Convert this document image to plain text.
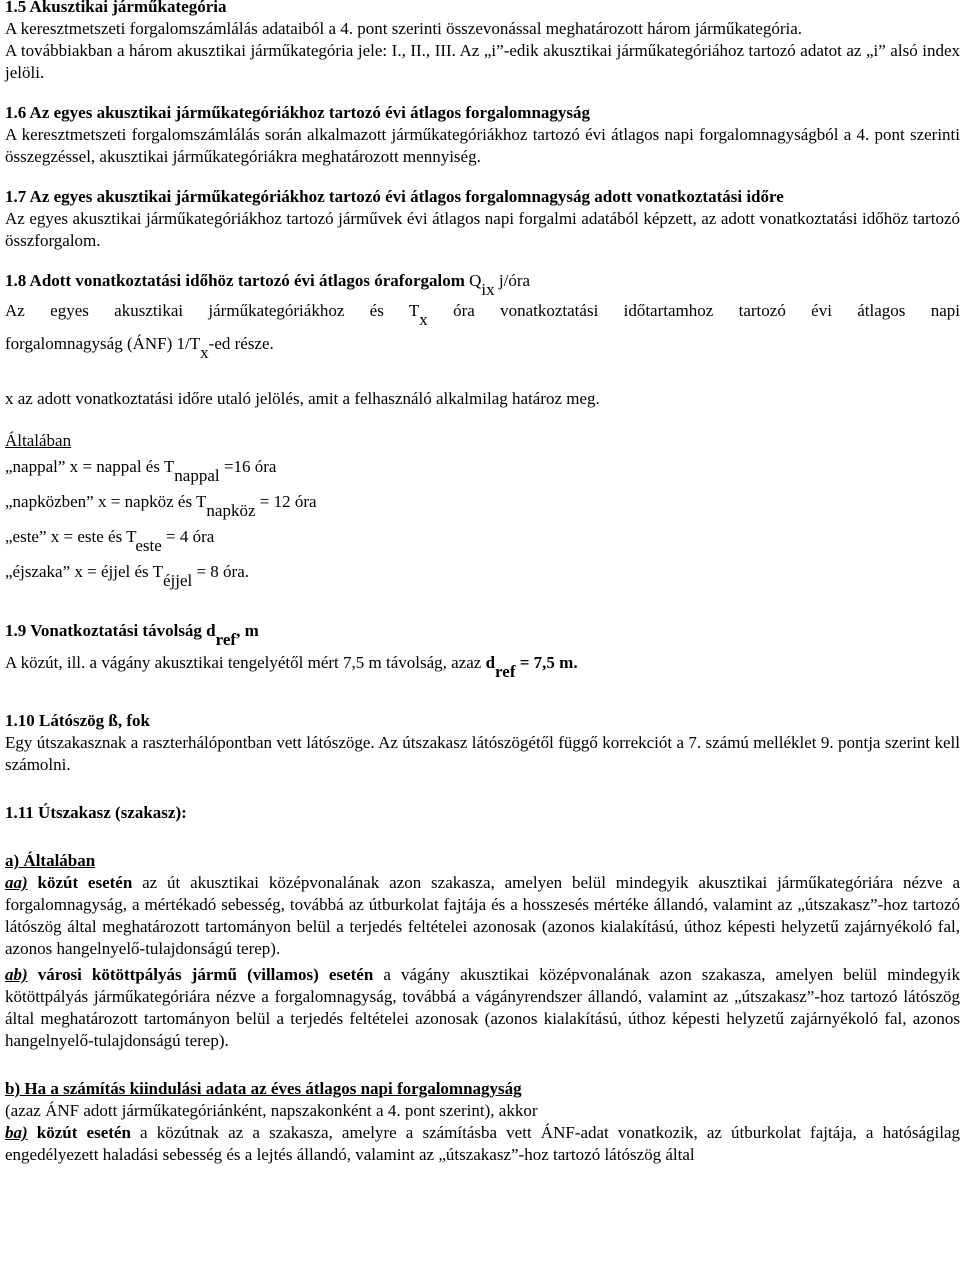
1.5 Akusztikai járműkategória

A keresztmetszeti forgalomszámlálás adataiból a 4. pont szerinti összevonással meghatározott három járműkategória.

A továbbiakban a három akusztikai járműkategória jele: I., II., III. Az „i”-edik akusztikai járműkategóriához tartozó adatot az „i” alsó index jelöli.

1.6 Az egyes akusztikai járműkategóriákhoz tartozó évi átlagos forgalomnagyság

A keresztmetszeti forgalomszámlálás során alkalmazott járműkategóriákhoz tartozó évi átlagos napi forgalomnagyságból a 4. pont szerinti összegzéssel, akusztikai járműkategóriákra meghatározott mennyiség.

1.7 Az egyes akusztikai járműkategóriákhoz tartozó évi átlagos forgalomnagyság adott vonatkoztatási időre

Az egyes akusztikai járműkategóriákhoz tartozó járművek évi átlagos napi forgalmi adatából képzett, az adott vonatkoztatási időhöz tartozó összforgalom.

1.8 Adott vonatkoztatási időhöz tartozó évi átlagos óraforgalom Qix j/óra
Az egyes akusztikai járműkategóriákhoz és Tx óra vonatkoztatási időtartamhoz tartozó évi átlagos napi
forgalomnagyság (ÁNF) 1/Tx-ed része.

x az adott vonatkoztatási időre utaló jelölés, amit a felhasználó alkalmilag határoz meg.

Általában

„nappal” x = nappal és Tnappal =16 óra
„napközben” x = napköz és Tnapköz = 12 óra
„este” x = este és Teste = 4 óra
„éjszaka” x = éjjel és Téjjel = 8 óra.
1.9 Vonatkoztatási távolság dref, m
A közút, ill. a vágány akusztikai tengelyétől mért 7,5 m távolság, azaz dref = 7,5 m.
1.10 Látószög ß, fok

Egy útszakasznak a raszterhálópontban vett látószöge. Az útszakasz látószögétől függő korrekciót a 7. számú melléklet 9. pontja szerint kell számolni.

1.11 Útszakasz (szakasz):

a) Általában

aa) közút esetén az út akusztikai középvonalának azon szakasza, amelyen belül mindegyik akusztikai járműkategóriára nézve a forgalomnagyság, a mértékadó sebesség, továbbá az útburkolat fajtája és a hosszesés mértéke állandó, valamint az „útszakasz”-hoz tartozó látószög által meghatározott tartományon belül a terjedés feltételei azonosak (azonos kialakítású, úthoz képesti helyzetű zajárnyékoló fal, azonos hangelnyelő-tulajdonságú terep).

ab) városi kötöttpályás jármű (villamos) esetén a vágány akusztikai középvonalának azon szakasza, amelyen belül mindegyik kötöttpályás járműkategóriára nézve a forgalomnagyság, továbbá a vágányrendszer állandó, valamint az „útszakasz”-hoz tartozó látószög által meghatározott tartományon belül a terjedés feltételei azonosak (azonos kialakítású, úthoz képesti helyzetű zajárnyékoló fal, azonos hangelnyelő-tulajdonságú terep).

b) Ha a számítás kiindulási adata az éves átlagos napi forgalomnagyság

(azaz ÁNF adott járműkategóriánként, napszakonként a 4. pont szerint), akkor

ba) közút esetén a közútnak az a szakasza, amelyre a számításba vett ÁNF-adat vonatkozik, az útburkolat fajtája, a hatóságilag engedélyezett haladási sebesség és a lejtés állandó, valamint az „útszakasz”-hoz tartozó látószög által
